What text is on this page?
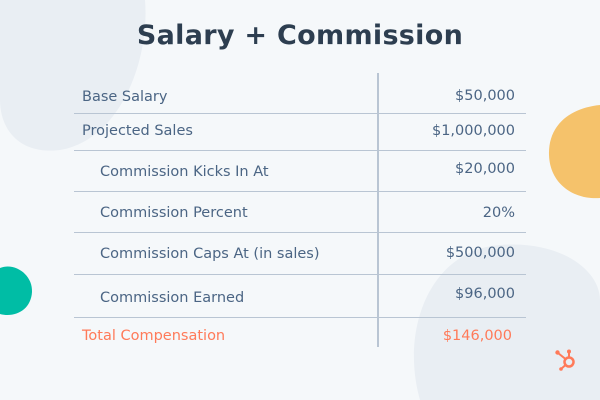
Salary + Commission
Base Salary	$50,000
Projected Sales	$1,000,000
Commission Kicks In At	$20,000
Commission Percent	20%
Commission Caps At (in sales)	$500,000
Commission Earned	$96,000
Total Compensation	$146,000
